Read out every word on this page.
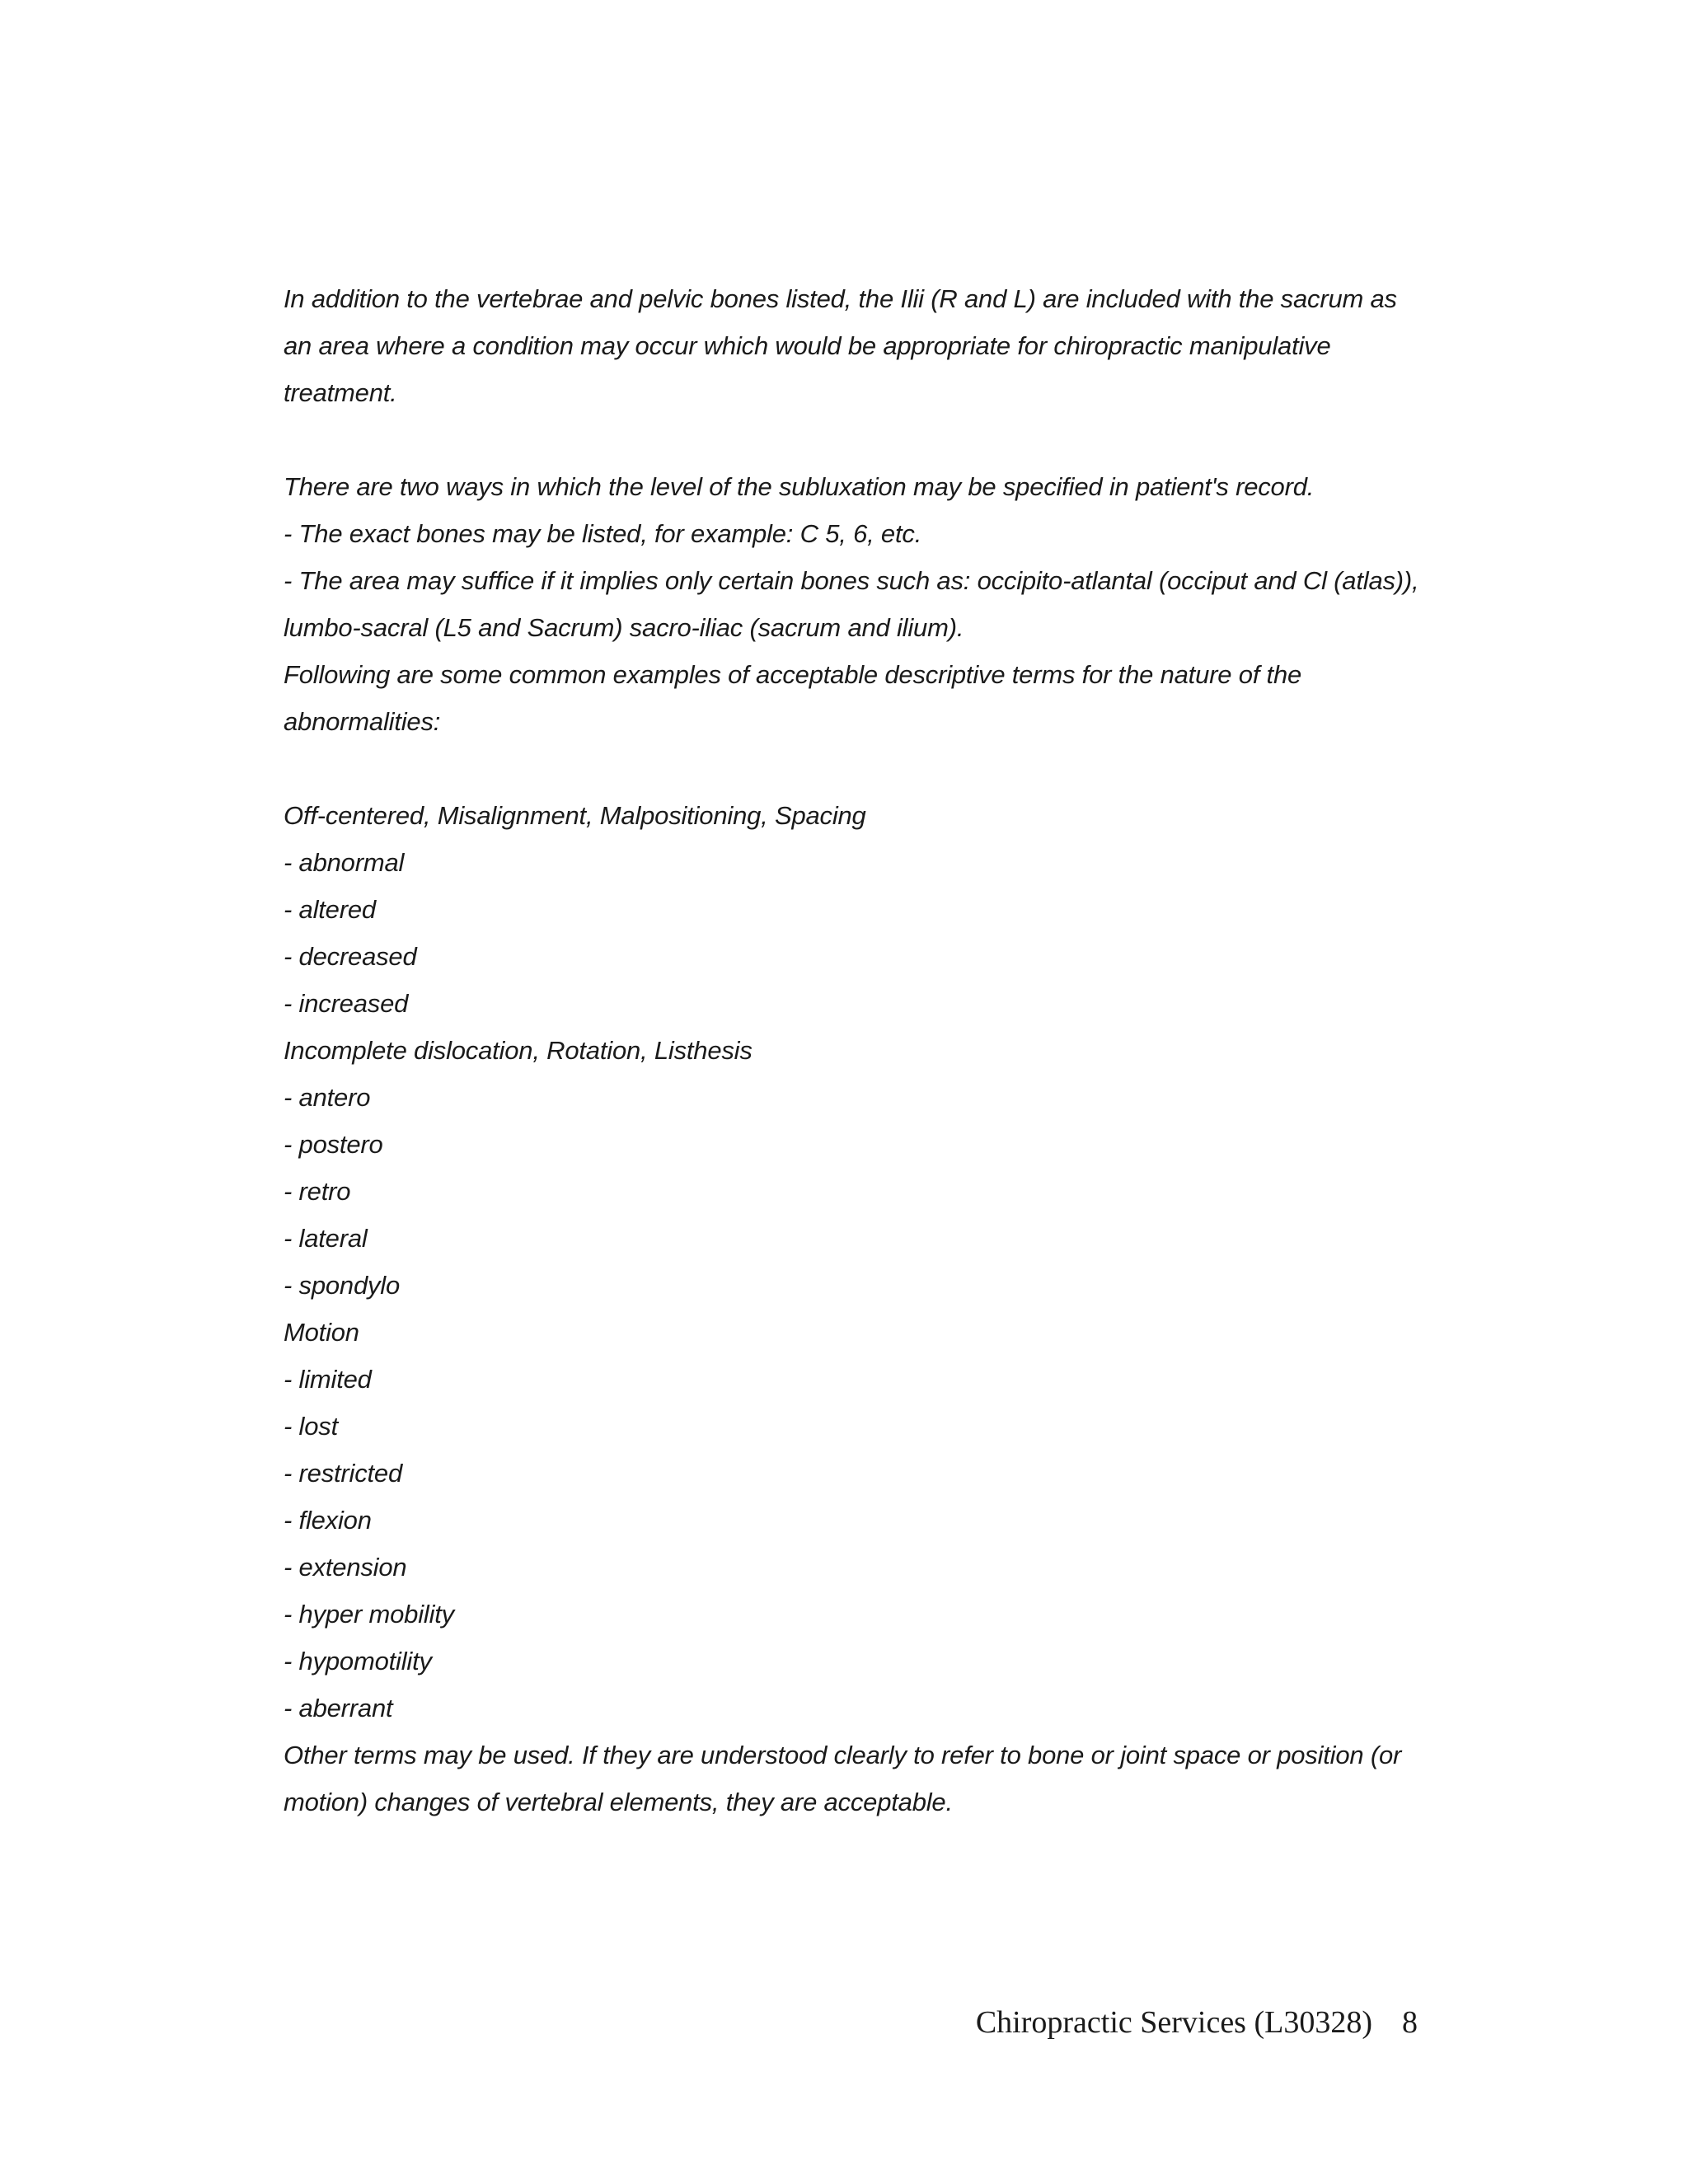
In addition to the vertebrae and pelvic bones listed, the Ilii (R and L) are included with the sacrum as
an area where a condition may occur which would be appropriate for chiropractic manipulative
treatment.

There are two ways in which the level of the subluxation may be specified in patient's record.
- The exact bones may be listed, for example: C 5, 6, etc.
- The area may suffice if it implies only certain bones such as: occipito-atlantal (occiput and Cl (atlas)),
lumbo-sacral (L5 and Sacrum) sacro-iliac (sacrum and ilium).
Following are some common examples of acceptable descriptive terms for the nature of the
abnormalities:

Off-centered, Misalignment, Malpositioning, Spacing
- abnormal
- altered
- decreased
- increased
Incomplete dislocation, Rotation, Listhesis
- antero
- postero
- retro
- lateral
- spondylo
Motion
- limited
- lost
- restricted
- flexion
- extension
- hyper mobility
- hypomotility
- aberrant
Other terms may be used. If they are understood clearly to refer to bone or joint space or position (or
motion) changes of vertebral elements, they are acceptable.

Chiropractic Services (L30328) 8
